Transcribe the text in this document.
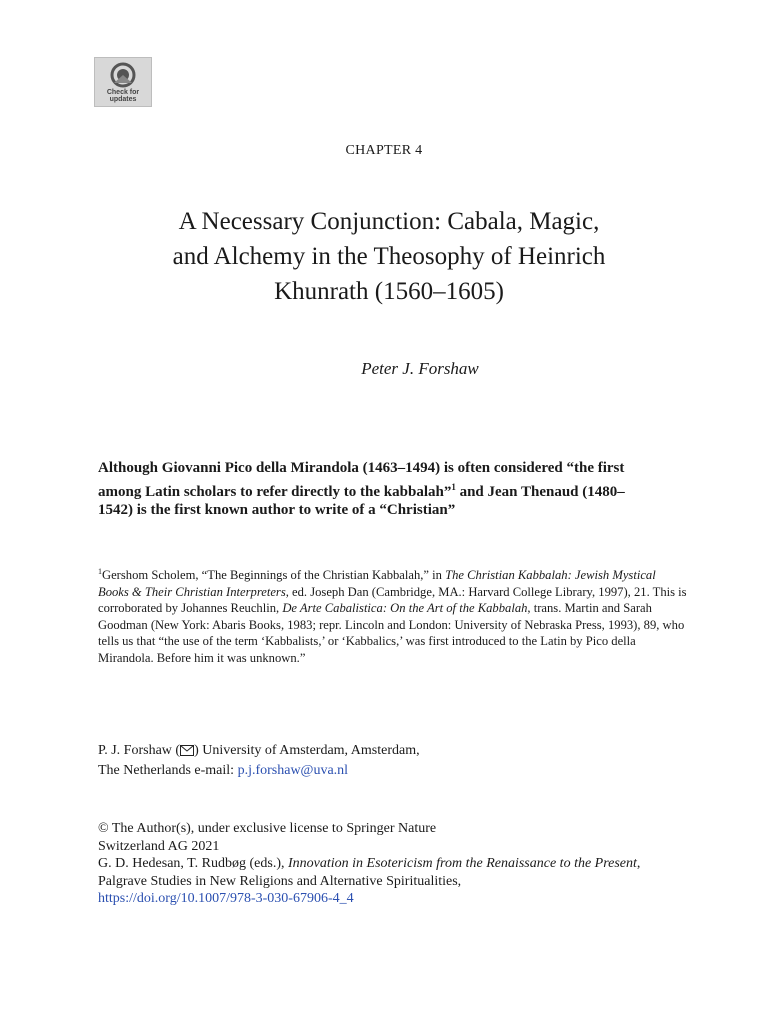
Check for
updates
CHAPTER 4
A Necessary Conjunction: Cabala, Magic,
and Alchemy in the Theosophy of Heinrich
Khunrath (1560–1605)
Peter J. Forshaw

Although Giovanni Pico della Mirandola (1463–1494) is often considered “the first among Latin scholars to refer directly to the kabbalah”$^1$ and Jean Thenaud (1480–1542) is the first known author to write of a “Christian”

$^1$Gershom Scholem, “The Beginnings of the Christian Kabbalah,” in The Christian Kabbalah: Jewish Mystical Books & Their Christian Interpreters, ed. Joseph Dan (Cambridge, MA.: Harvard College Library, 1997), 21. This is corroborated by Johannes Reuchlin, De Arte Cabalistica: On the Art of the Kabbalah, trans. Martin and Sarah Goodman (New York: Abaris Books, 1983; repr. Lincoln and London: University of Nebraska Press, 1993), 89, who tells us that “the use of the term ‘Kabbalists,’ or ‘Kabbalics,’ was first introduced to the Latin by Pico della Mirandola. Before him it was unknown.”

P. J. Forshaw ( ) University of Amsterdam, Amsterdam,
The Netherlands e-mail: p.j.forshaw@uva.nl

© The Author(s), under exclusive license to Springer Nature
Switzerland AG 2021
G. D. Hedesan, T. Rudbøg (eds.), Innovation in Esotericism from the Renaissance to the Present, Palgrave Studies in New Religions and Alternative Spiritualities,
https://doi.org/10.1007/978-3-030-67906-4_4
